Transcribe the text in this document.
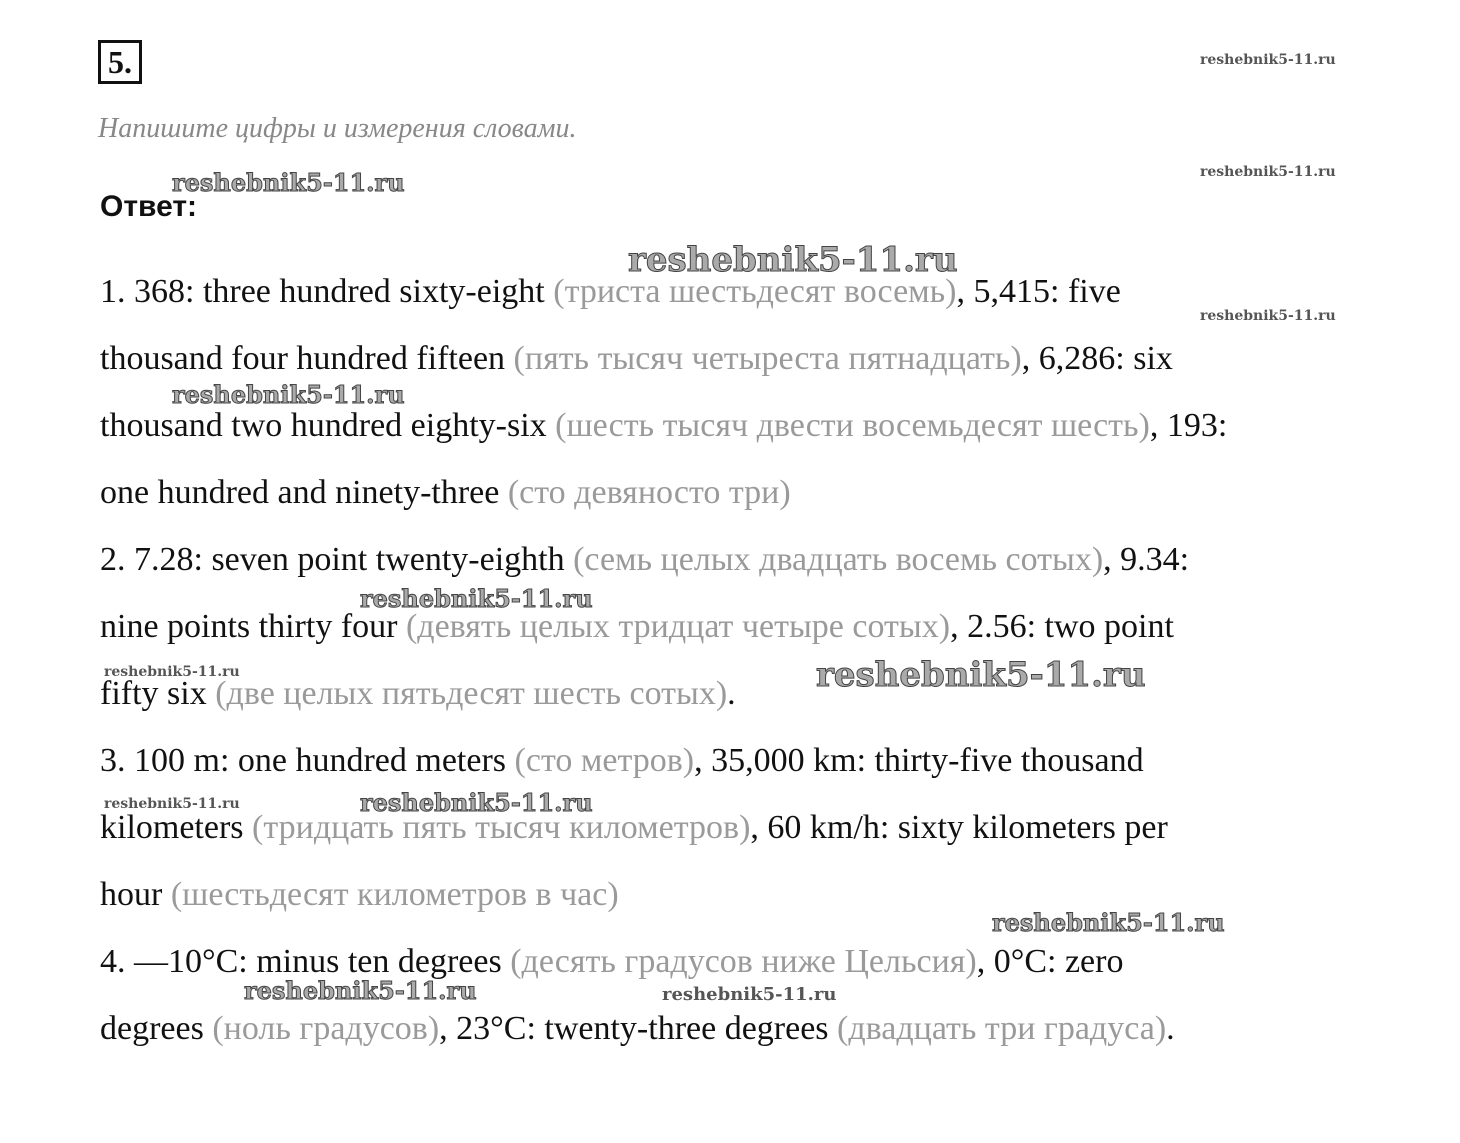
5.
Напишите цифры и измерения словами.
Ответ:
1. 368: three hundred sixty-eight (триста шестьдесят восемь), 5,415: five
thousand four hundred fifteen (пять тысяч четыреста пятнадцать), 6,286: six
thousand two hundred eighty-six (шесть тысяч двести восемьдесят шесть), 193:
one hundred and ninety-three (сто девяносто три)
2. 7.28: seven point twenty-eighth (семь целых двадцать восемь сотых), 9.34:
nine points thirty four (девять целых тридцат четыре сотых), 2.56: two point
fifty six (две целых пятьдесят шесть сотых).
3. 100 m: one hundred meters (сто метров), 35,000 km: thirty-five thousand
kilometers (тридцать пять тысяч километров), 60 km/h: sixty kilometers per
hour (шестьдесят километров в час)
4. —10°C: minus ten degrees (десять градусов ниже Цельсия), 0°C: zero
degrees (ноль градусов), 23°C: twenty-three degrees (двадцать три градуса).
reshebnik5-11.ru
reshebnik5-11.ru
reshebnik5-11.ru
reshebnik5-11.ru
reshebnik5-11.ru
reshebnik5-11.ru
reshebnik5-11.ru
reshebnik5-11.ru	reshebnik5-11.ru
reshebnik5-11.ru	reshebnik5-11.ru
reshebnik5-11.ru
reshebnik5-11.ru	reshebnik5-11.ru
